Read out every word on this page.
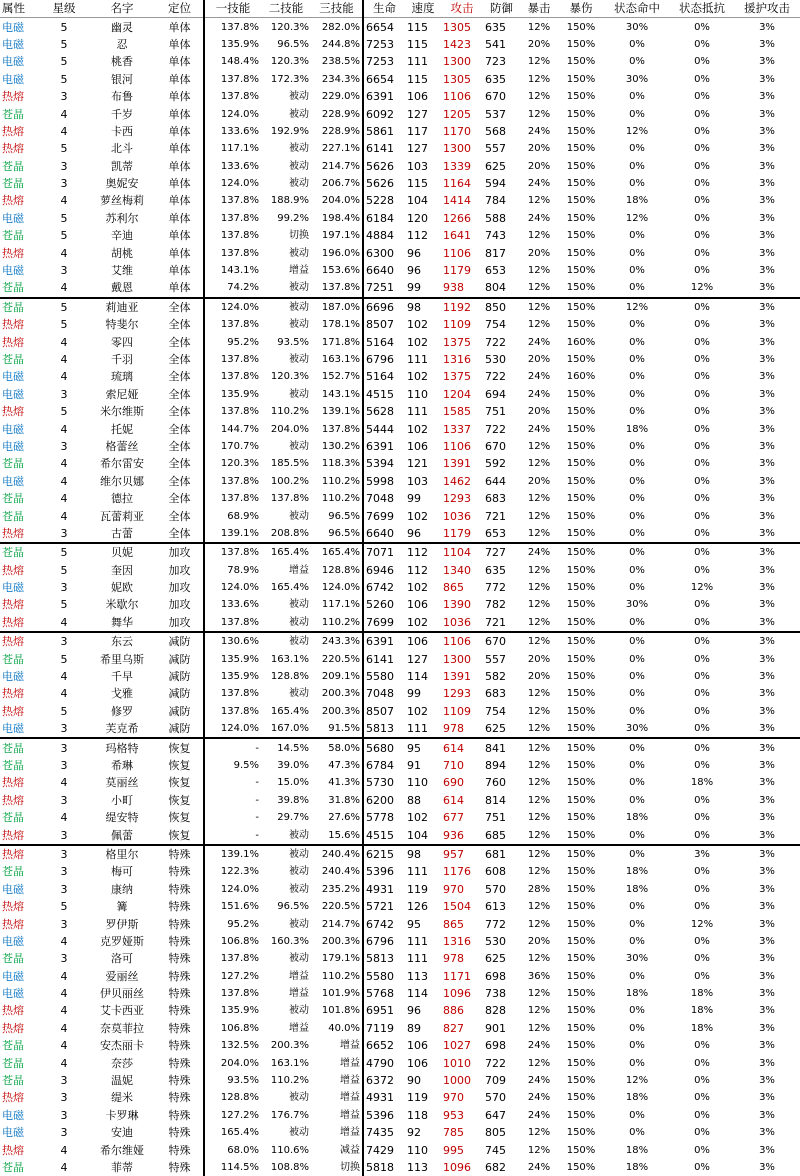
属性	星级	名字	定位	一技能	二技能	三技能	生命	速度	攻击	防御	暴击	暴伤	状态命中	状态抵抗	援护攻击
电磁	5	幽灵	单体	137.8%	120.3%	282.0%	6654	115	1305	635	12%	150%	30%	0%	3%
电磁	5	忍	单体	135.9%	96.5%	244.8%	7253	115	1423	541	20%	150%	0%	0%	3%
电磁	5	桃香	单体	148.4%	120.3%	238.5%	7253	111	1300	723	12%	150%	0%	0%	3%
电磁	5	银河	单体	137.8%	172.3%	234.3%	6654	115	1305	635	12%	150%	30%	0%	3%
热熔	3	布鲁	单体	137.8%	被动	229.0%	6391	106	1106	670	12%	150%	0%	0%	3%
苍晶	4	千岁	单体	124.0%	被动	228.9%	6092	127	1205	537	12%	150%	0%	0%	3%
热熔	4	卡西	单体	133.6%	192.9%	228.9%	5861	117	1170	568	24%	150%	12%	0%	3%
热熔	5	北斗	单体	117.1%	被动	227.1%	6141	127	1300	557	20%	150%	0%	0%	3%
苍晶	3	凯蒂	单体	133.6%	被动	214.7%	5626	103	1339	625	20%	150%	0%	0%	3%
苍晶	3	奥妮安	单体	124.0%	被动	206.7%	5626	115	1164	594	24%	150%	0%	0%	3%
热熔	4	萝丝梅莉	单体	137.8%	188.9%	204.0%	5228	104	1414	784	12%	150%	18%	0%	3%
电磁	5	苏利尔	单体	137.8%	99.2%	198.4%	6184	120	1266	588	24%	150%	12%	0%	3%
苍晶	5	辛迪	单体	137.8%	切换	197.1%	4884	112	1641	743	12%	150%	0%	0%	3%
热熔	4	胡桃	单体	137.8%	被动	196.0%	6300	96	1106	817	20%	150%	0%	0%	3%
电磁	3	艾维	单体	143.1%	增益	153.6%	6640	96	1179	653	12%	150%	0%	0%	3%
苍晶	4	戴恩	单体	74.2%	被动	137.8%	7251	99	938	804	12%	150%	0%	12%	3%
苍晶	5	莉迪亚	全体	124.0%	被动	187.0%	6696	98	1192	850	12%	150%	12%	0%	3%
热熔	5	特斐尔	全体	137.8%	被动	178.1%	8507	102	1109	754	12%	150%	0%	0%	3%
热熔	4	零四	全体	95.2%	93.5%	171.8%	5164	102	1375	722	24%	160%	0%	0%	3%
苍晶	4	千羽	全体	137.8%	被动	163.1%	6796	111	1316	530	20%	150%	0%	0%	3%
电磁	4	琉璃	全体	137.8%	120.3%	152.7%	5164	102	1375	722	24%	160%	0%	0%	3%
电磁	3	索尼娅	全体	135.9%	被动	143.1%	4515	110	1204	694	24%	150%	0%	0%	3%
热熔	5	米尔维斯	全体	137.8%	110.2%	139.1%	5628	111	1585	751	20%	150%	0%	0%	3%
电磁	4	托妮	全体	144.7%	204.0%	137.8%	5444	102	1337	722	24%	150%	18%	0%	3%
电磁	3	格蕾丝	全体	170.7%	被动	130.2%	6391	106	1106	670	12%	150%	0%	0%	3%
苍晶	4	希尔雷安	全体	120.3%	185.5%	118.3%	5394	121	1391	592	12%	150%	0%	0%	3%
电磁	4	维尔贝娜	全体	137.8%	100.2%	110.2%	5998	103	1462	644	20%	150%	0%	0%	3%
苍晶	4	德拉	全体	137.8%	137.8%	110.2%	7048	99	1293	683	12%	150%	0%	0%	3%
苍晶	4	瓦蕾莉亚	全体	68.9%	被动	96.5%	7699	102	1036	721	12%	150%	0%	0%	3%
热熔	3	古蕾	全体	139.1%	208.8%	96.5%	6640	96	1179	653	12%	150%	0%	0%	3%
苍晶	5	贝妮	加攻	137.8%	165.4%	165.4%	7071	112	1104	727	24%	150%	0%	0%	3%
热熔	5	奎因	加攻	78.9%	增益	128.8%	6946	112	1340	635	12%	150%	0%	0%	3%
电磁	3	妮欧	加攻	124.0%	165.4%	124.0%	6742	102	865	772	12%	150%	0%	12%	3%
热熔	5	米歇尔	加攻	133.6%	被动	117.1%	5260	106	1390	782	12%	150%	30%	0%	3%
热熔	4	舞华	加攻	137.8%	被动	110.2%	7699	102	1036	721	12%	150%	0%	0%	3%
热熔	3	东云	减防	130.6%	被动	243.3%	6391	106	1106	670	12%	150%	0%	0%	3%
苍晶	5	希里乌斯	减防	135.9%	163.1%	220.5%	6141	127	1300	557	20%	150%	0%	0%	3%
电磁	4	千早	减防	135.9%	128.8%	209.1%	5580	114	1391	582	20%	150%	0%	0%	3%
热熔	4	戈雅	减防	137.8%	被动	200.3%	7048	99	1293	683	12%	150%	0%	0%	3%
热熔	5	修罗	减防	137.8%	165.4%	200.3%	8507	102	1109	754	12%	150%	0%	0%	3%
电磁	3	芙克希	减防	124.0%	167.0%	91.5%	5813	111	978	625	12%	150%	30%	0%	3%
苍晶	3	玛格特	恢复	-	14.5%	58.0%	5680	95	614	841	12%	150%	0%	0%	3%
苍晶	3	希琳	恢复	9.5%	39.0%	47.3%	6784	91	710	894	12%	150%	0%	0%	3%
热熔	4	莫丽丝	恢复	-	15.0%	41.3%	5730	110	690	760	12%	150%	0%	18%	3%
热熔	3	小町	恢复	-	39.8%	31.8%	6200	88	614	814	12%	150%	0%	0%	3%
苍晶	4	缇安特	恢复	-	29.7%	27.6%	5778	102	677	751	12%	150%	18%	0%	3%
热熔	3	佩蕾	恢复	-	被动	15.6%	4515	104	936	685	12%	150%	0%	0%	3%
热熔	3	格里尔	特殊	139.1%	被动	240.4%	6215	98	957	681	12%	150%	0%	3%	3%
苍晶	3	梅可	特殊	122.3%	被动	240.4%	5396	111	1176	608	12%	150%	18%	0%	3%
电磁	3	康纳	特殊	124.0%	被动	235.2%	4931	119	970	570	28%	150%	18%	0%	3%
热熔	5	篝	特殊	151.6%	96.5%	220.5%	5721	126	1504	613	12%	150%	0%	0%	3%
热熔	3	罗伊斯	特殊	95.2%	被动	214.7%	6742	95	865	772	12%	150%	0%	12%	3%
电磁	4	克罗娅斯	特殊	106.8%	160.3%	200.3%	6796	111	1316	530	20%	150%	0%	0%	3%
苍晶	3	洛可	特殊	137.8%	被动	179.1%	5813	111	978	625	12%	150%	30%	0%	3%
电磁	4	爱丽丝	特殊	127.2%	增益	110.2%	5580	113	1171	698	36%	150%	0%	0%	3%
电磁	4	伊贝丽丝	特殊	137.8%	增益	101.9%	5768	114	1096	738	12%	150%	18%	18%	3%
热熔	4	艾卡西亚	特殊	135.9%	被动	101.8%	6951	96	886	828	12%	150%	0%	18%	3%
热熔	4	奈莫菲拉	特殊	106.8%	增益	40.0%	7119	89	827	901	12%	150%	0%	18%	3%
苍晶	4	安杰丽卡	特殊	132.5%	200.3%	增益	6652	106	1027	698	24%	150%	0%	0%	3%
苍晶	4	奈莎	特殊	204.0%	163.1%	增益	4790	106	1010	722	12%	150%	0%	0%	3%
苍晶	3	温妮	特殊	93.5%	110.2%	增益	6372	90	1000	709	24%	150%	12%	0%	3%
热熔	3	缇米	特殊	128.8%	被动	增益	4931	119	970	570	24%	150%	18%	0%	3%
电磁	3	卡罗琳	特殊	127.2%	176.7%	增益	5396	118	953	647	24%	150%	0%	0%	3%
电磁	3	安迪	特殊	165.4%	被动	增益	7435	92	785	805	12%	150%	0%	0%	3%
热熔	4	希尔维娅	特殊	68.0%	110.6%	减益	7429	110	995	745	12%	150%	18%	0%	3%
苍晶	4	菲蒂	特殊	114.5%	108.8%	切换	5818	113	1096	682	24%	150%	18%	0%	3%
